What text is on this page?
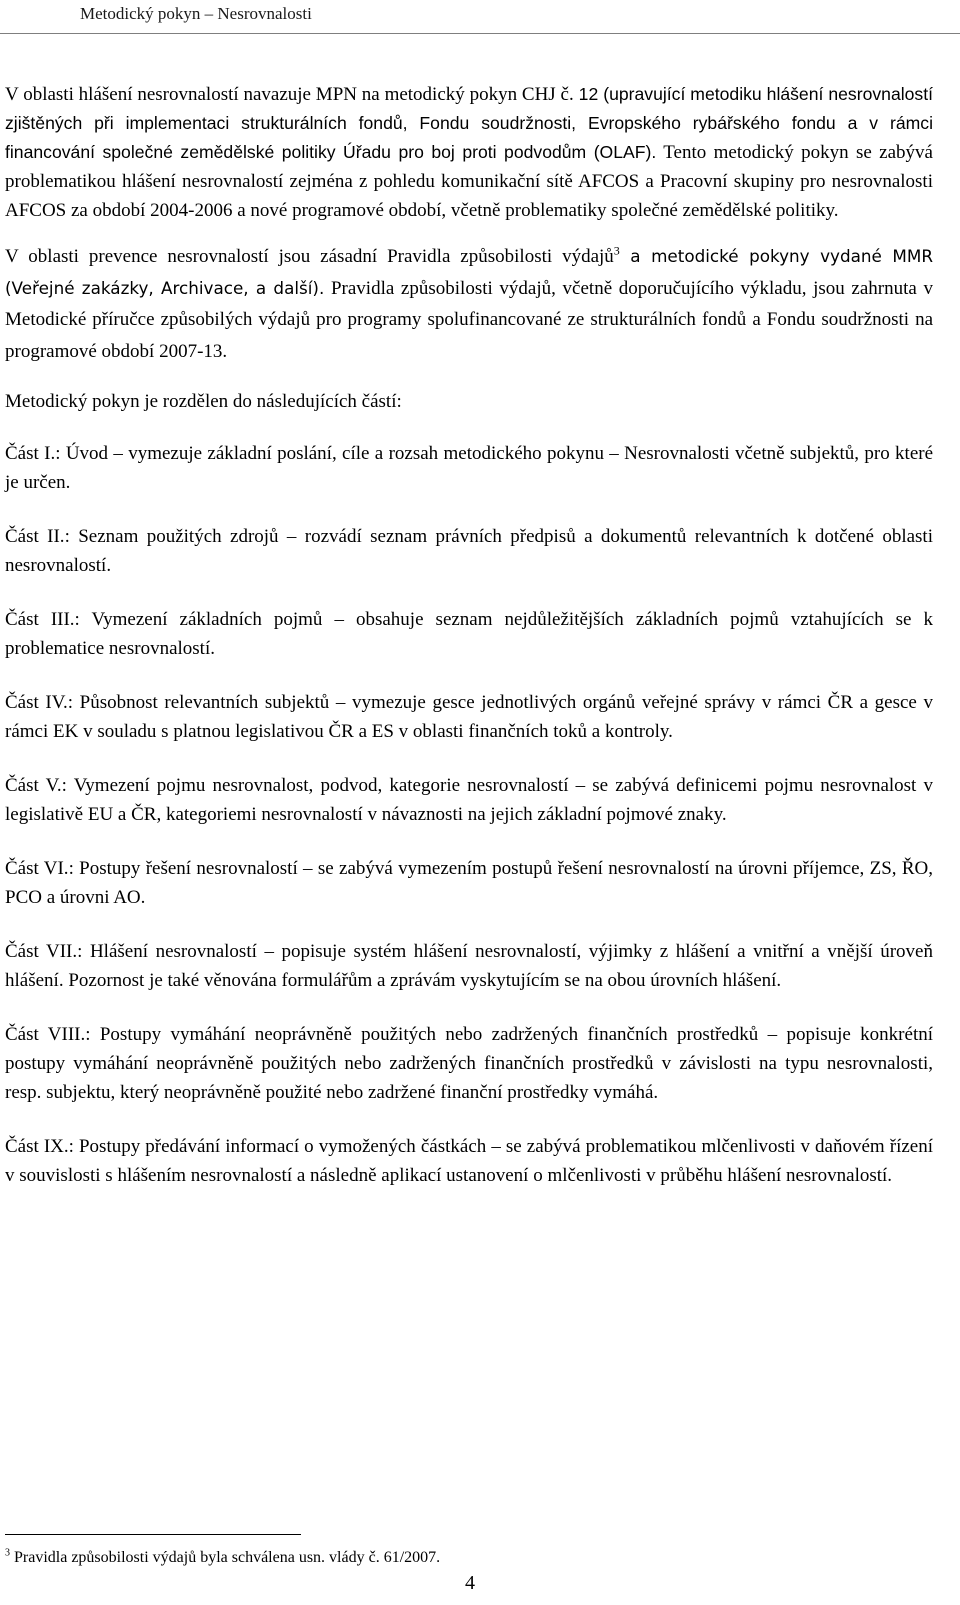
Metodický pokyn – Nesrovnalosti

V oblasti hlášení nesrovnalostí navazuje MPN na metodický pokyn CHJ č. 12 (upravující metodiku hlášení nesrovnalostí zjištěných při implementaci strukturálních fondů, Fondu soudržnosti, Evropského rybářského fondu a v rámci financování společné zemědělské politiky Úřadu pro boj proti podvodům (OLAF). Tento metodický pokyn se zabývá problematikou hlášení nesrovnalostí zejména z pohledu komunikační sítě AFCOS a Pracovní skupiny pro nesrovnalosti AFCOS za období 2004-2006 a nové programové období, včetně problematiky společné zemědělské politiky.

V oblasti prevence nesrovnalostí jsou zásadní Pravidla způsobilosti výdajů$^3$ a metodické pokyny vydané MMR (Veřejné zakázky, Archivace, a další). Pravidla způsobilosti výdajů, včetně doporučujícího výkladu, jsou zahrnuta v Metodické příručce způsobilých výdajů pro programy spolufinancované ze strukturálních fondů a Fondu soudržnosti na programové období 2007-13.

Metodický pokyn je rozdělen do následujících částí:

Část I.: Úvod – vymezuje základní poslání, cíle a rozsah metodického pokynu – Nesrovnalosti včetně subjektů, pro které je určen.

Část II.: Seznam použitých zdrojů – rozvádí seznam právních předpisů a dokumentů relevantních k dotčené oblasti nesrovnalostí.

Část III.: Vymezení základních pojmů – obsahuje seznam nejdůležitějších základních pojmů vztahujících se k problematice nesrovnalostí.

Část IV.: Působnost relevantních subjektů – vymezuje gesce jednotlivých orgánů veřejné správy v rámci ČR a gesce v rámci EK v souladu s platnou legislativou ČR a ES v oblasti finančních toků a kontroly.

Část V.: Vymezení pojmu nesrovnalost, podvod, kategorie nesrovnalostí – se zabývá definicemi pojmu nesrovnalost v legislativě EU a ČR, kategoriemi nesrovnalostí v návaznosti na jejich základní pojmové znaky.

Část VI.: Postupy řešení nesrovnalostí – se zabývá vymezením postupů řešení nesrovnalostí na úrovni příjemce, ZS, ŘO, PCO a úrovni AO.

Část VII.: Hlášení nesrovnalostí – popisuje systém hlášení nesrovnalostí, výjimky z hlášení a vnitřní a vnější úroveň hlášení. Pozornost je také věnována formulářům a zprávám vyskytujícím se na obou úrovních hlášení.

Část VIII.: Postupy vymáhání neoprávněně použitých nebo zadržených finančních prostředků – popisuje konkrétní postupy vymáhání neoprávněně použitých nebo zadržených finančních prostředků v závislosti na typu nesrovnalosti, resp. subjektu, který neoprávněně použité nebo zadržené finanční prostředky vymáhá.

Část IX.: Postupy předávání informací o vymožených částkách – se zabývá problematikou mlčenlivosti v daňovém řízení v souvislosti s hlášením nesrovnalostí a následně aplikací ustanovení o mlčenlivosti v průběhu hlášení nesrovnalostí.

$^3$ Pravidla způsobilosti výdajů byla schválena usn. vlády č. 61/2007.
4
